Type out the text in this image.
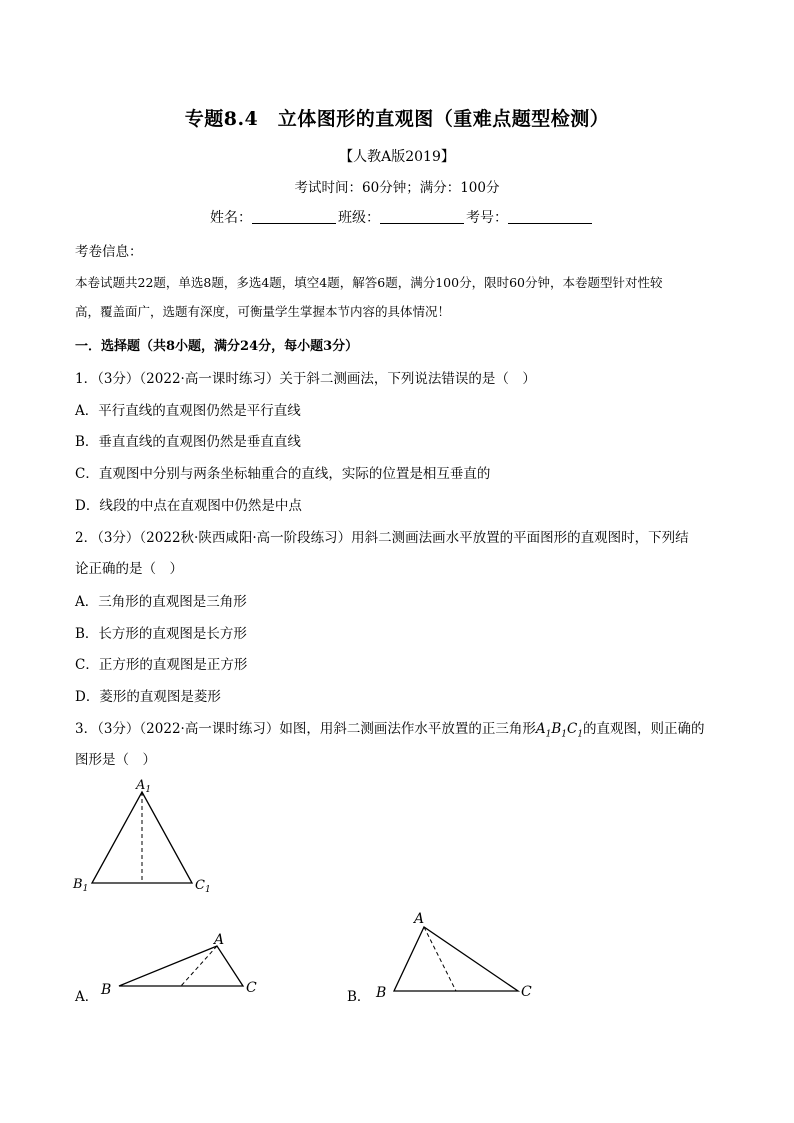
专题8.4　立体图形的直观图（重难点题型检测）
【人教A版2019】
考试时间：60分钟；满分：100分
姓名：	班级：	考号：
考卷信息：
本卷试题共22题，单选8题，多选4题，填空4题，解答6题，满分100分，限时60分钟，本卷题型针对性较
高，覆盖面广，选题有深度，可衡量学生掌握本节内容的具体情况！
一．选择题（共8小题，满分24分，每小题3分）
1．（3分）（2022·高一课时练习）关于斜二测画法，下列说法错误的是（　）
A．平行直线的直观图仍然是平行直线
B．垂直直线的直观图仍然是垂直直线
C．直观图中分别与两条坐标轴重合的直线，实际的位置是相互垂直的
D．线段的中点在直观图中仍然是中点
2．（3分）（2022秋·陕西咸阳·高一阶段练习）用斜二测画法画水平放置的平面图形的直观图时，下列结
论正确的是（　）
A．三角形的直观图是三角形
B．长方形的直观图是长方形
C．正方形的直观图是正方形
D．菱形的直观图是菱形
3．（3分）（2022·高一课时练习）如图，用斜二测画法作水平放置的正三角形$A_1B_1C_1$的直观图，则正确的
图形是（　）
$A_1$
$B_1$	$C_1$
A．
A
B	C
B．
A
B	C
